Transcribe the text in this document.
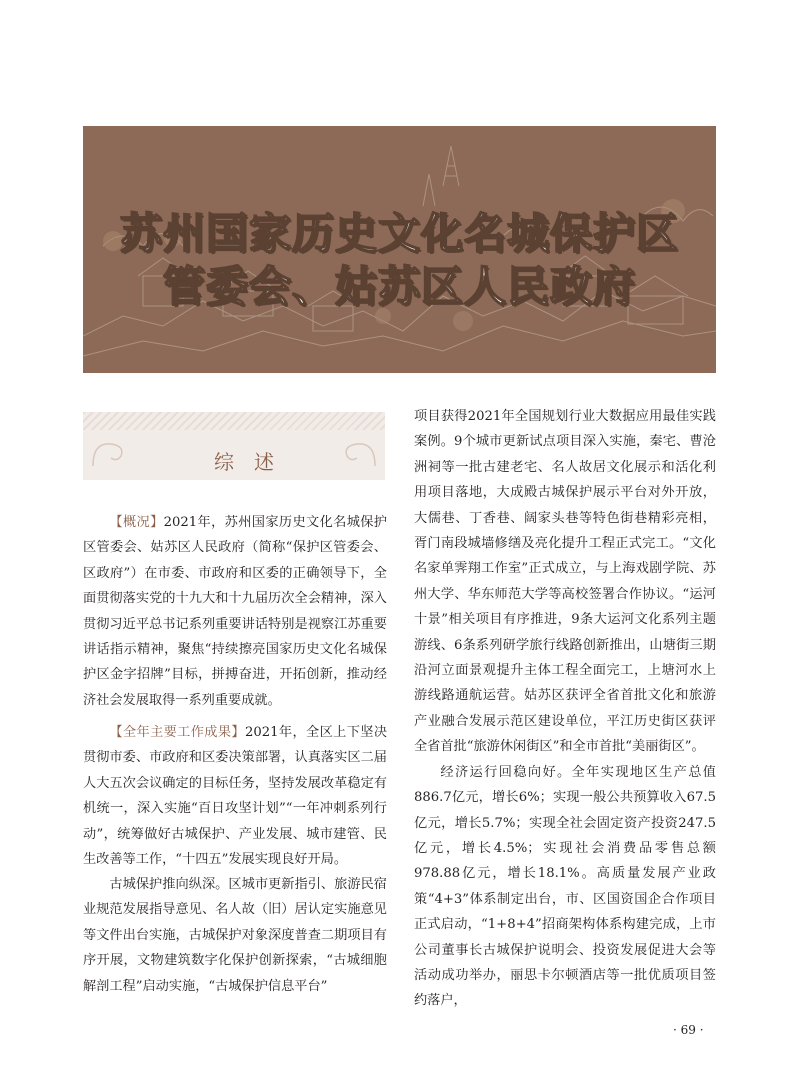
苏州国家历史文化名城保护区
管委会、姑苏区人民政府
综述

【概况】2021年，苏州国家历史文化名城保护区管委会、姑苏区人民政府（简称“保护区管委会、区政府”）在市委、市政府和区委的正确领导下，全面贯彻落实党的十九大和十九届历次全会精神，深入贯彻习近平总书记系列重要讲话特别是视察江苏重要讲话指示精神，聚焦“持续擦亮国家历史文化名城保护区金字招牌”目标，拼搏奋进，开拓创新，推动经济社会发展取得一系列重要成就。

【全年主要工作成果】2021年，全区上下坚决贯彻市委、市政府和区委决策部署，认真落实区二届人大五次会议确定的目标任务，坚持发展改革稳定有机统一，深入实施“百日攻坚计划”“一年冲刺系列行动”，统筹做好古城保护、产业发展、城市建管、民生改善等工作，“十四五”发展实现良好开局。

古城保护推向纵深。区城市更新指引、旅游民宿业规范发展指导意见、名人故（旧）居认定实施意见等文件出台实施，古城保护对象深度普查二期项目有序开展，文物建筑数字化保护创新探索，“古城细胞解剖工程”启动实施，“古城保护信息平台”

项目获得2021年全国规划行业大数据应用最佳实践案例。9个城市更新试点项目深入实施，秦宅、曹沧洲祠等一批古建老宅、名人故居文化展示和活化利用项目落地，大成殿古城保护展示平台对外开放，大儒巷、丁香巷、阔家头巷等特色街巷精彩亮相，胥门南段城墙修缮及亮化提升工程正式完工。“文化名家单霁翔工作室”正式成立，与上海戏剧学院、苏州大学、华东师范大学等高校签署合作协议。“运河十景”相关项目有序推进，9条大运河文化系列主题游线、6条系列研学旅行线路创新推出，山塘街三期沿河立面景观提升主体工程全面完工，上塘河水上游线路通航运营。姑苏区获评全省首批文化和旅游产业融合发展示范区建设单位，平江历史街区获评全省首批“旅游休闲街区”和全市首批“美丽街区”。

经济运行回稳向好。全年实现地区生产总值886.7亿元，增长6%；实现一般公共预算收入67.5亿元，增长5.7%；实现全社会固定资产投资247.5亿元，增长4.5%；实现社会消费品零售总额978.88亿元，增长18.1%。高质量发展产业政策“4+3”体系制定出台，市、区国资国企合作项目正式启动，“1+8+4”招商架构体系构建完成，上市公司董事长古城保护说明会、投资发展促进大会等活动成功举办，丽思卡尔顿酒店等一批优质项目签约落户，

· 69 ·
